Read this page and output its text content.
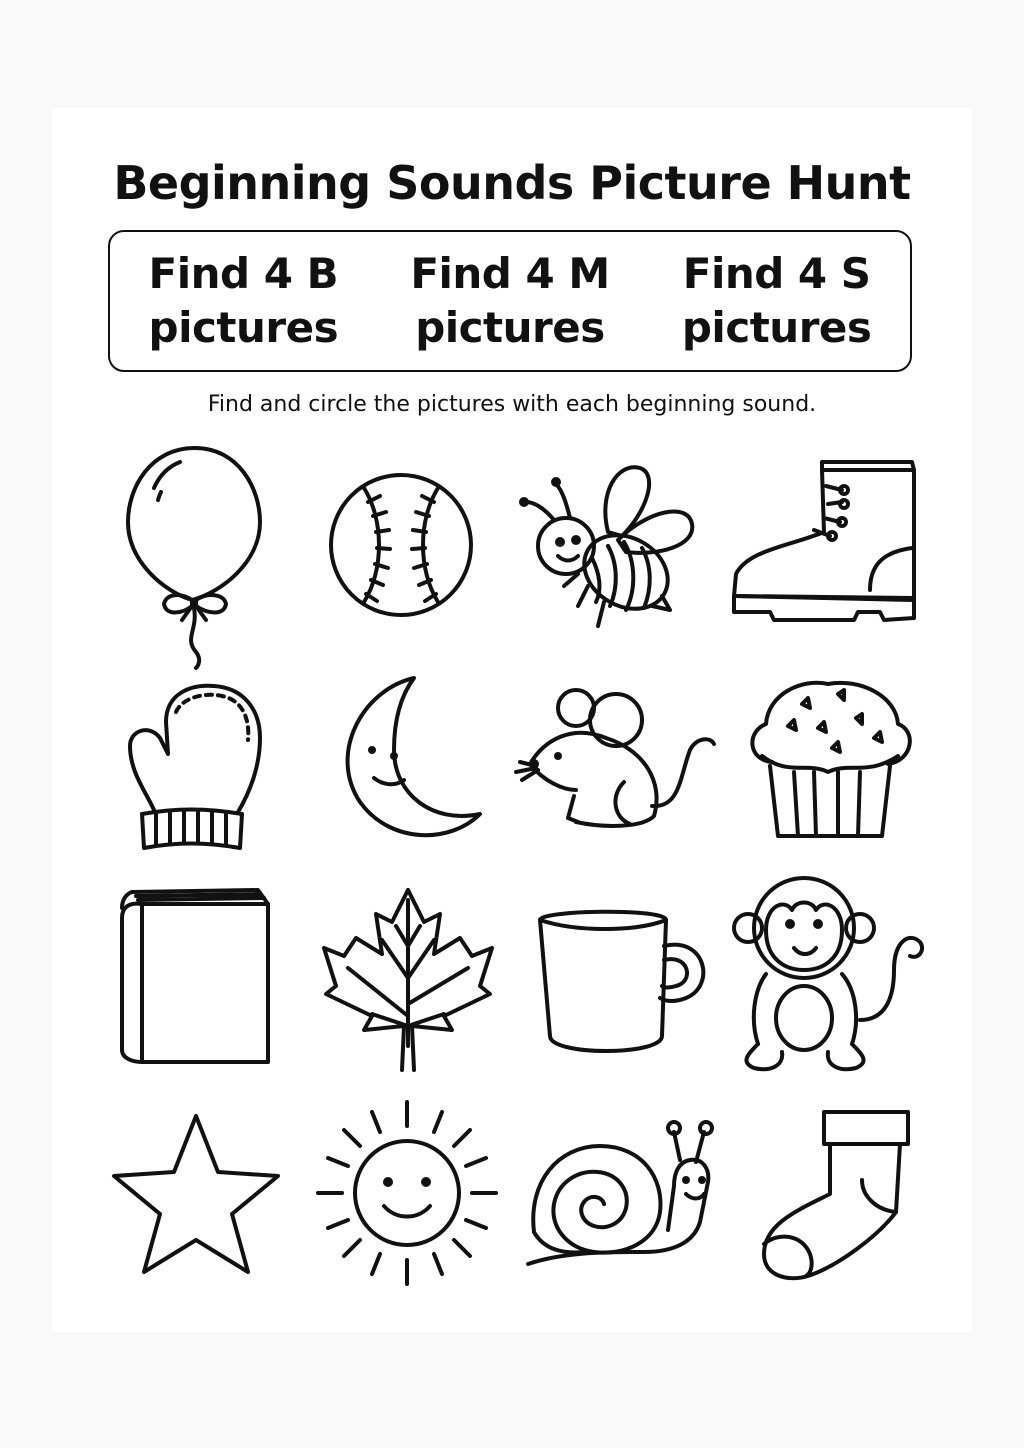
Beginning Sounds Picture Hunt
Find 4 B
pictures
Find 4 M
pictures
Find 4 S
pictures
Find and circle the pictures with each beginning sound.
